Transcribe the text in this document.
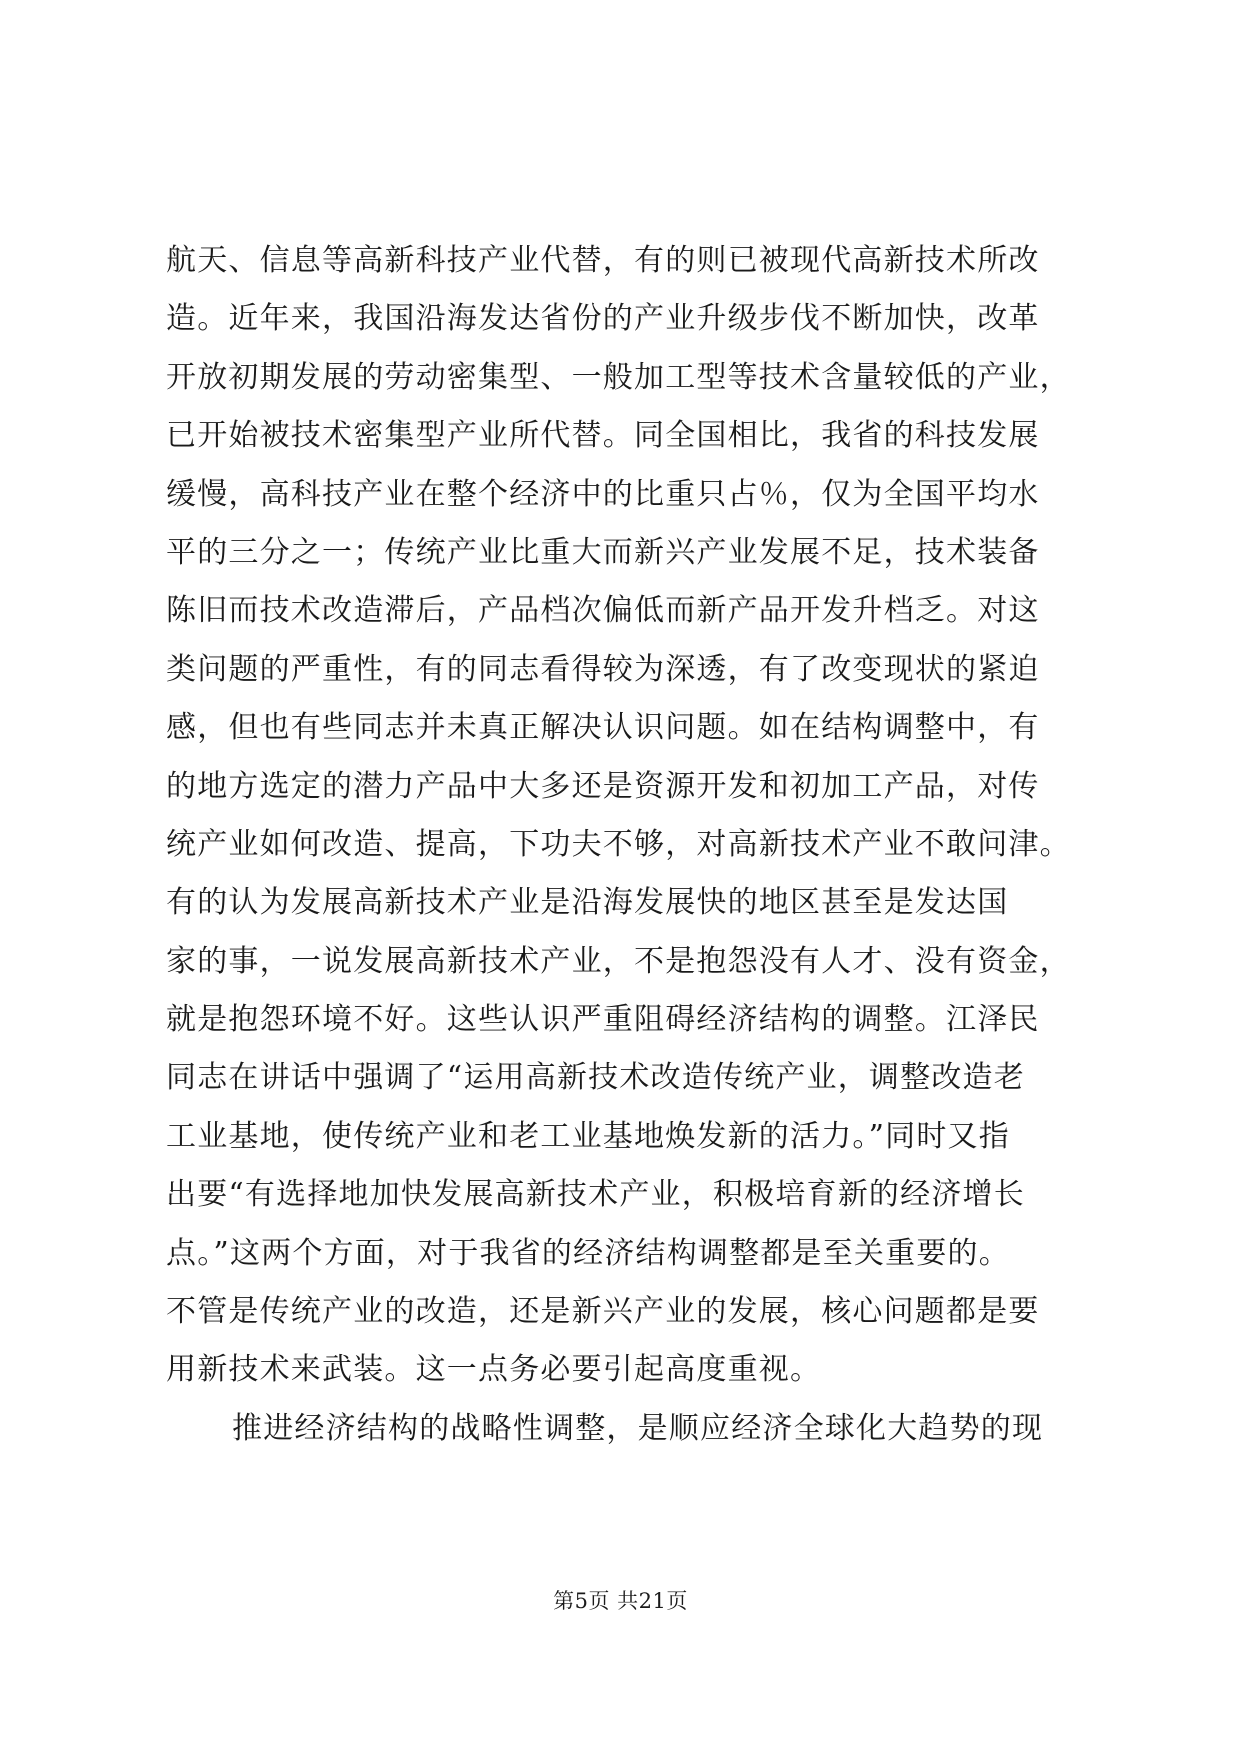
航天、信息等高新科技产业代替，有的则已被现代高新技术所改
造。近年来，我国沿海发达省份的产业升级步伐不断加快，改革
开放初期发展的劳动密集型、一般加工型等技术含量较低的产业，
已开始被技术密集型产业所代替。同全国相比，我省的科技发展
缓慢，高科技产业在整个经济中的比重只占％，仅为全国平均水
平的三分之一；传统产业比重大而新兴产业发展不足，技术装备
陈旧而技术改造滞后，产品档次偏低而新产品开发升档乏。对这
类问题的严重性，有的同志看得较为深透，有了改变现状的紧迫
感，但也有些同志并未真正解决认识问题。如在结构调整中，有
的地方选定的潜力产品中大多还是资源开发和初加工产品，对传
统产业如何改造、提高，下功夫不够，对高新技术产业不敢问津。
有的认为发展高新技术产业是沿海发展快的地区甚至是发达国
家的事，一说发展高新技术产业，不是抱怨没有人才、没有资金，
就是抱怨环境不好。这些认识严重阻碍经济结构的调整。江泽民
同志在讲话中强调了“运用高新技术改造传统产业，调整改造老
工业基地，使传统产业和老工业基地焕发新的活力。”同时又指
出要“有选择地加快发展高新技术产业，积极培育新的经济增长
点。”这两个方面，对于我省的经济结构调整都是至关重要的。
不管是传统产业的改造，还是新兴产业的发展，核心问题都是要
用新技术来武装。这一点务必要引起高度重视。
推进经济结构的战略性调整，是顺应经济全球化大趋势的现
第5页 共21页
